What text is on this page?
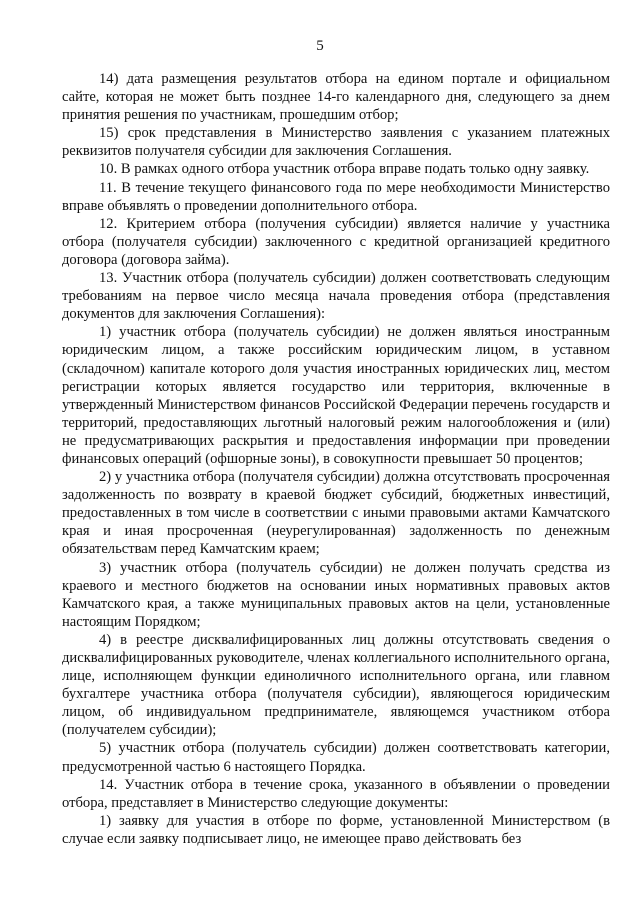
5

14) дата размещения результатов отбора на едином портале и официальном сайте, которая не может быть позднее 14-го календарного дня, следующего за днем принятия решения по участникам, прошедшим отбор;

15) срок представления в Министерство заявления с указанием платежных реквизитов получателя субсидии для заключения Соглашения.

10. В рамках одного отбора участник отбора вправе подать только одну заявку.

11. В течение текущего финансового года по мере необходимости Министерство вправе объявлять о проведении дополнительного отбора.

12. Критерием отбора (получения субсидии) является наличие у участника отбора (получателя субсидии) заключенного с кредитной организацией кредитного договора (договора займа).

13. Участник отбора (получатель субсидии) должен соответствовать следующим требованиям на первое число месяца начала проведения отбора (представления документов для заключения Соглашения):

1) участник отбора (получатель субсидии) не должен являться иностранным юридическим лицом, а также российским юридическим лицом, в уставном (складочном) капитале которого доля участия иностранных юридических лиц, местом регистрации которых является государство или территория, включенные в утвержденный Министерством финансов Российской Федерации перечень государств и территорий, предоставляющих льготный налоговый режим налогообложения и (или) не предусматривающих раскрытия и предоставления информации при проведении финансовых операций (офшорные зоны), в совокупности превышает 50 процентов;

2) у участника отбора (получателя субсидии) должна отсутствовать просроченная задолженность по возврату в краевой бюджет субсидий, бюджетных инвестиций, предоставленных в том числе в соответствии с иными правовыми актами Камчатского края и иная просроченная (неурегулированная) задолженность по денежным обязательствам перед Камчатским краем;

3) участник отбора (получатель субсидии) не должен получать средства из краевого и местного бюджетов на основании иных нормативных правовых актов Камчатского края, а также муниципальных правовых актов на цели, установленные настоящим Порядком;

4) в реестре дисквалифицированных лиц должны отсутствовать сведения о дисквалифицированных руководителе, членах коллегиального исполнительного органа, лице, исполняющем функции единоличного исполнительного органа, или главном бухгалтере участника отбора (получателя субсидии), являющегося юридическим лицом, об индивидуальном предпринимателе, являющемся участником отбора (получателем субсидии);

5) участник отбора (получатель субсидии) должен соответствовать категории, предусмотренной частью 6 настоящего Порядка.

14. Участник отбора в течение срока, указанного в объявлении о проведении отбора, представляет в Министерство следующие документы:

1) заявку для участия в отборе по форме, установленной Министерством (в случае если заявку подписывает лицо, не имеющее право действовать без
